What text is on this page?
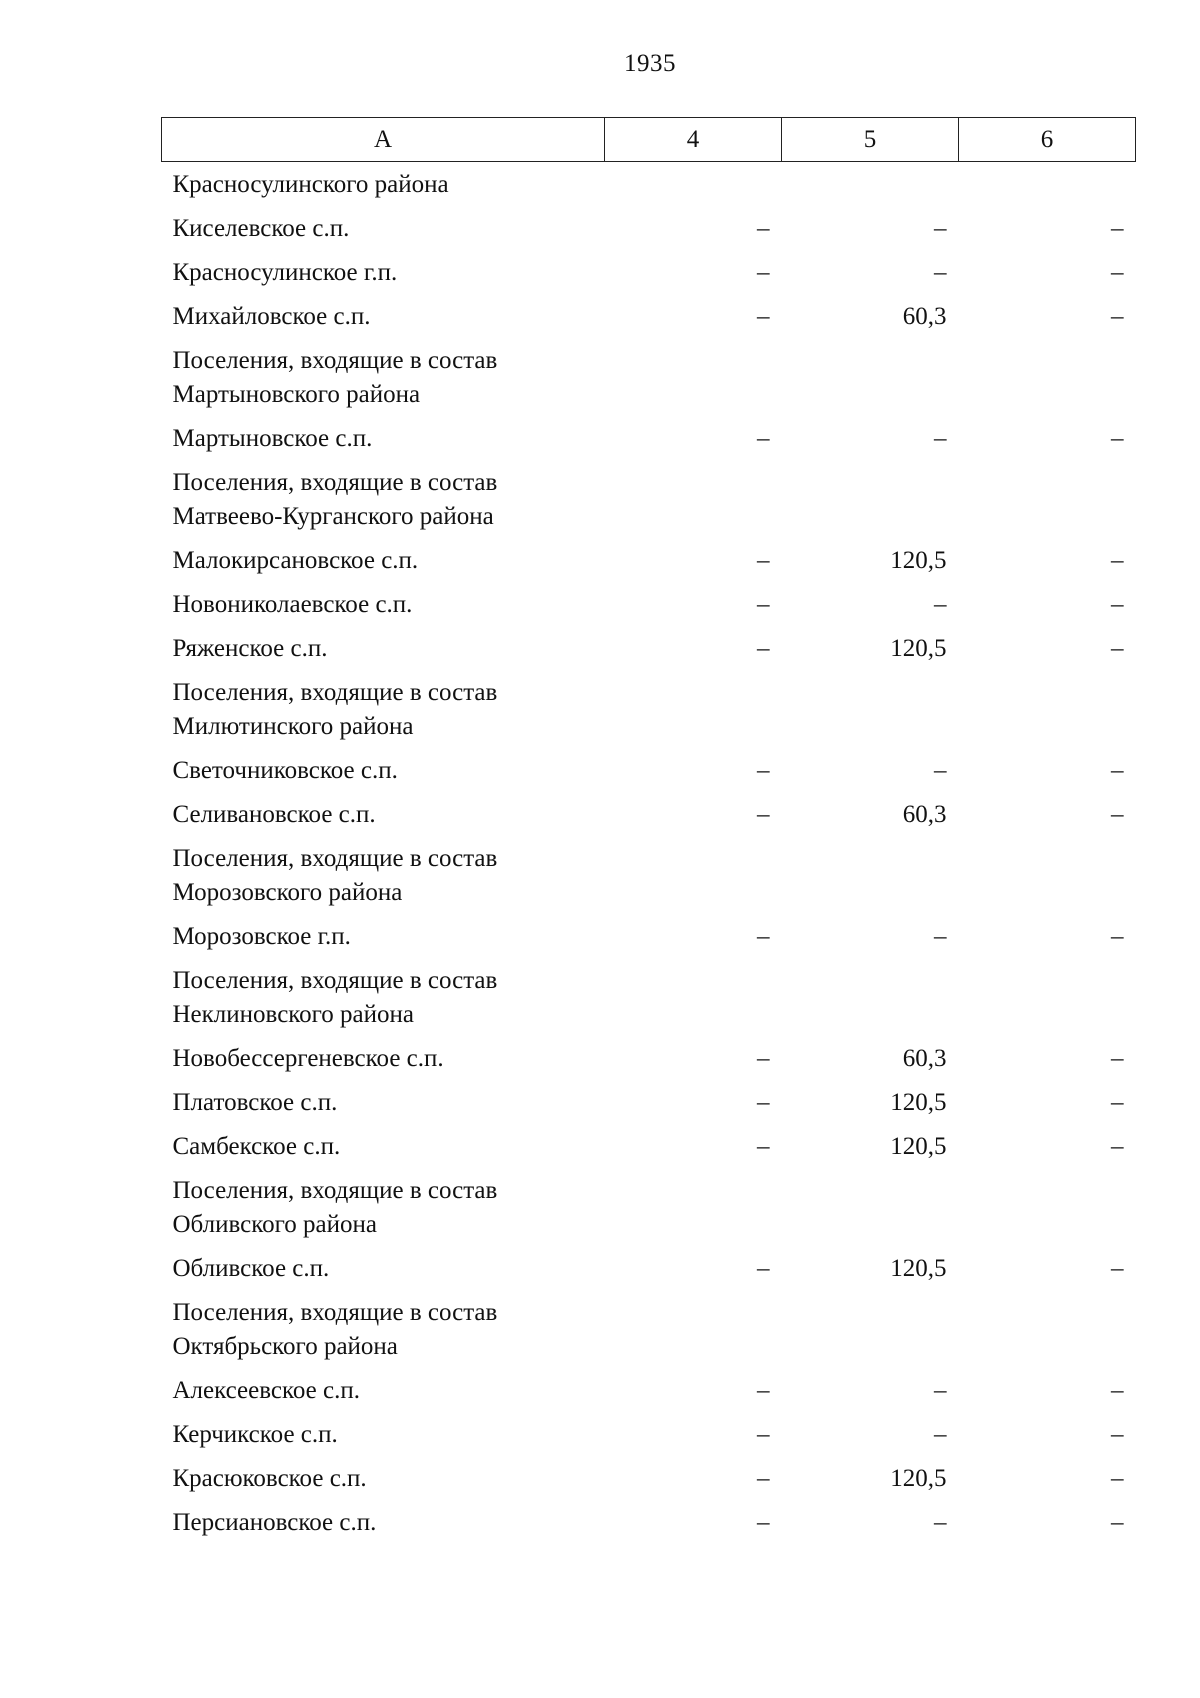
1935
А	4	5	6
Красносулинского района			
Киселевское с.п.	–	–	–
Красносулинское г.п.	–	–	–
Михайловское с.п.	–	60,3	–
Поселения, входящие в состав
Мартыновского района			
Мартыновское с.п.	–	–	–
Поселения, входящие в состав
Матвеево-Курганского района			
Малокирсановское с.п.	–	120,5	–
Новониколаевское с.п.	–	–	–
Ряженское с.п.	–	120,5	–
Поселения, входящие в состав
Милютинского района			
Светочниковское с.п.	–	–	–
Селивановское с.п.	–	60,3	–
Поселения, входящие в состав
Морозовского района			
Морозовское г.п.	–	–	–
Поселения, входящие в состав
Неклиновского района			
Новобессергеневское с.п.	–	60,3	–
Платовское с.п.	–	120,5	–
Самбекское с.п.	–	120,5	–
Поселения, входящие в состав
Обливского района			
Обливское с.п.	–	120,5	–
Поселения, входящие в состав
Октябрьского района			
Алексеевское с.п.	–	–	–
Керчикское с.п.	–	–	–
Красюковское с.п.	–	120,5	–
Персиановское с.п.	–	–	–
